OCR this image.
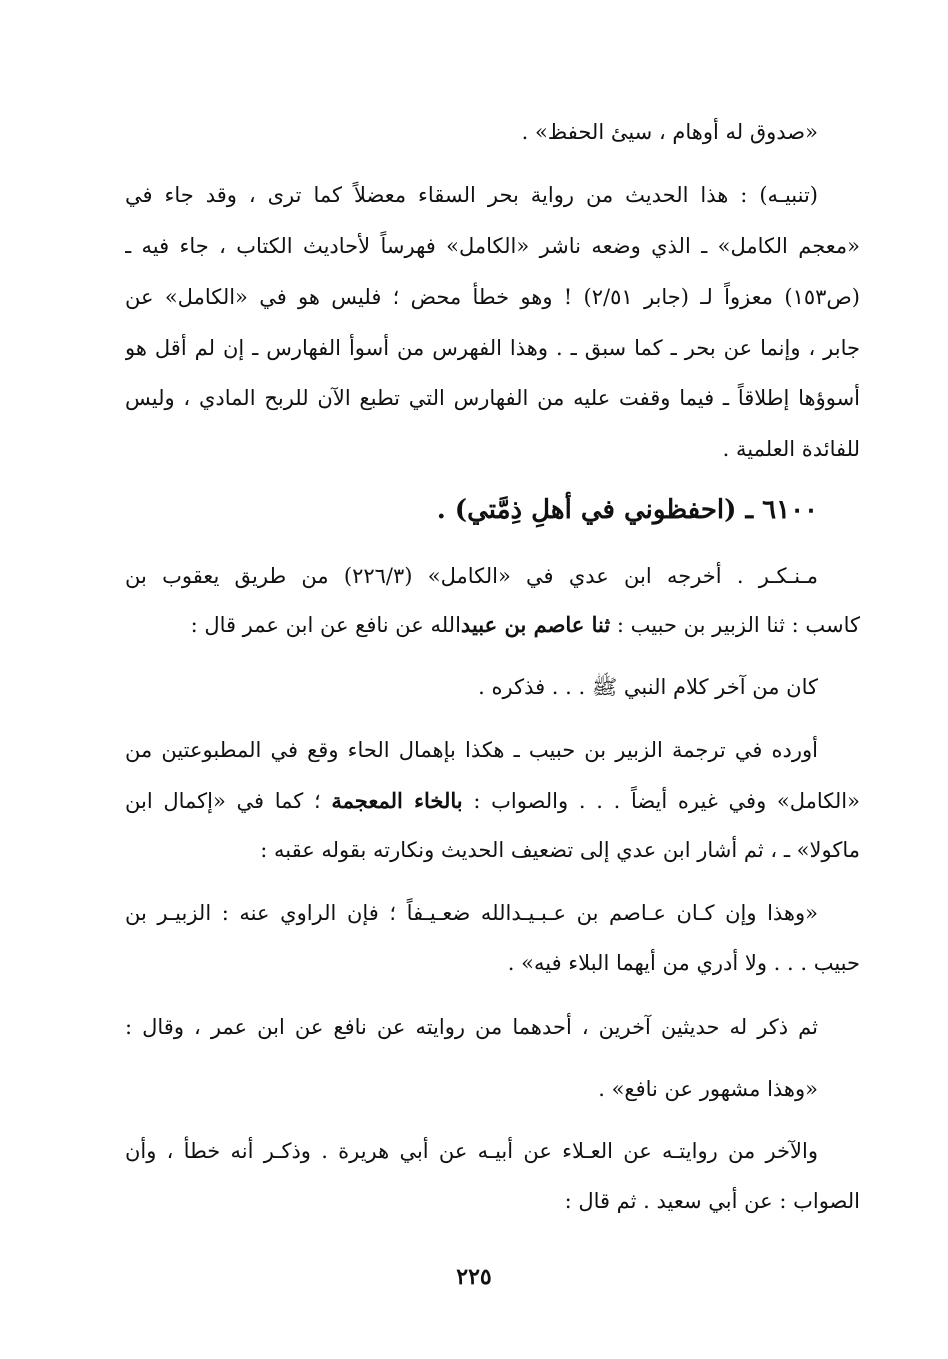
«صدوق له أوهام ، سيئ الحفظ» .
(تنبيـه) : هذا الحديث من رواية بحر السقاء معضلاً كما ترى ، وقد جاء في
«معجم الكامل» ـ الذي وضعه ناشر «الكامل» فهرساً لأحاديث الكتاب ، جاء فيه ـ
(ص١٥٣) معزواً لـ (جابر ٢/٥١) ! وهو خطأ محض ؛ فليس هو في «الكامل» عن
جابر ، وإنما عن بحر ـ كما سبق ـ . وهذا الفهرس من أسوأ الفهارس ـ إن لم أقل هو
أسوؤها إطلاقاً ـ فيما وقفت عليه من الفهارس التي تطبع الآن للربح المادي ، وليس
للفائدة العلمية .
٦١٠٠ ـ (احفظوني في أهلِ ذِمَّتي) .
مـنـكـر . أخرجه ابن عدي في «الكامل» (٢٢٦/٣) من طريق يعقوب بن
كاسب : ثنا الزبير بن حبيب : ثنا عاصم بن عبيدالله عن نافع عن ابن عمر قال :
كان من آخر كلام النبي ﷺ . . . فذكره .
أورده في ترجمة الزبير بن حبيب ـ هكذا بإهمال الحاء وقع في المطبوعتين من
«الكامل» وفي غيره أيضاً . . . والصواب : بالخاء المعجمة ؛ كما في «إكمال ابن
ماكولا» ـ ، ثم أشار ابن عدي إلى تضعيف الحديث ونكارته بقوله عقبه :
«وهذا وإن كـان عـاصم بن عـبـيـدالله ضعـيـفاً ؛ فإن الراوي عنه : الزبيـر بن
حبيب . . . ولا أدري من أيهما البلاء فيه» .
ثم ذكر له حديثين آخرين ، أحدهما من روايته عن نافع عن ابن عمر ، وقال :
«وهذا مشهور عن نافع» .
والآخر من روايتـه عن العـلاء عن أبيـه عن أبي هريرة . وذكـر أنه خطأ ، وأن
الصواب : عن أبي سعيد . ثم قال :
٢٢٥
